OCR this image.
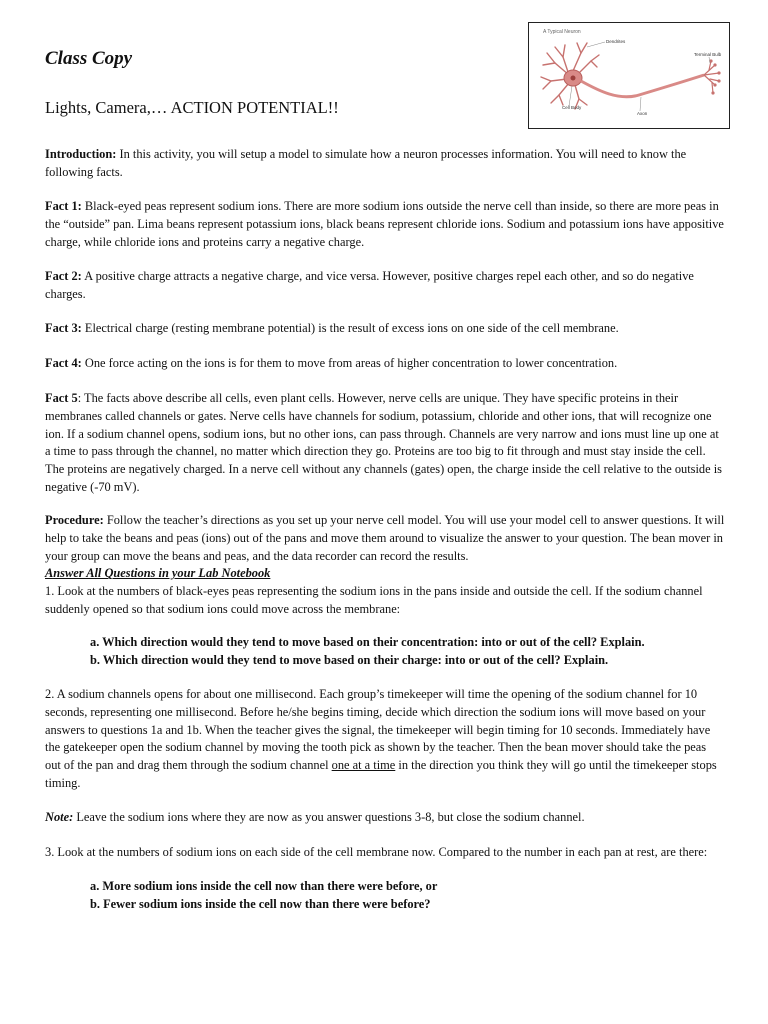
Class Copy
Lights, Camera,… ACTION POTENTIAL!!
A Typical Neuron
Dendrites
Terminal Bulb
Cell Body
Axon

Introduction: In this activity, you will setup a model to simulate how a neuron processes information. You will need to know the following facts.

Fact 1: Black-eyed peas represent sodium ions. There are more sodium ions outside the nerve cell than inside, so there are more peas in the “outside” pan. Lima beans represent potassium ions, black beans represent chloride ions. Sodium and potassium ions have appositive charge, while chloride ions and proteins carry a negative charge.

Fact 2: A positive charge attracts a negative charge, and vice versa. However, positive charges repel each other, and so do negative charges.

Fact 3: Electrical charge (resting membrane potential) is the result of excess ions on one side of the cell membrane.

Fact 4: One force acting on the ions is for them to move from areas of higher concentration to lower concentration.

Fact 5: The facts above describe all cells, even plant cells. However, nerve cells are unique. They have specific proteins in their membranes called channels or gates. Nerve cells have channels for sodium, potassium, chloride and other ions, that will recognize one ion. If a sodium channel opens, sodium ions, but no other ions, can pass through. Channels are very narrow and ions must line up one at a time to pass through the channel, no matter which direction they go. Proteins are too big to fit through and must stay inside the cell. The proteins are negatively charged. In a nerve cell without any channels (gates) open, the charge inside the cell relative to the outside is negative (-70 mV).

Procedure: Follow the teacher’s directions as you set up your nerve cell model. You will use your model cell to answer questions. It will help to take the beans and peas (ions) out of the pans and move them around to visualize the answer to your question. The bean mover in your group can move the beans and peas, and the data recorder can record the results.
Answer All Questions in your Lab Notebook

1. Look at the numbers of black-eyes peas representing the sodium ions in the pans inside and outside the cell. If the sodium channel suddenly opened so that sodium ions could move across the membrane:

a. Which direction would they tend to move based on their concentration: into or out of the cell? Explain.
b. Which direction would they tend to move based on their charge: into or out of the cell? Explain.

2. A sodium channels opens for about one millisecond. Each group’s timekeeper will time the opening of the sodium channel for 10 seconds, representing one millisecond. Before he/she begins timing, decide which direction the sodium ions will move based on your answers to questions 1a and 1b. When the teacher gives the signal, the timekeeper will begin timing for 10 seconds. Immediately have the gatekeeper open the sodium channel by moving the tooth pick as shown by the teacher. Then the bean mover should take the peas out of the pan and drag them through the sodium channel one at a time in the direction you think they will go until the timekeeper stops timing.

Note: Leave the sodium ions where they are now as you answer questions 3-8, but close the sodium channel.

3. Look at the numbers of sodium ions on each side of the cell membrane now. Compared to the number in each pan at rest, are there:

a. More sodium ions inside the cell now than there were before, or
b. Fewer sodium ions inside the cell now than there were before?
